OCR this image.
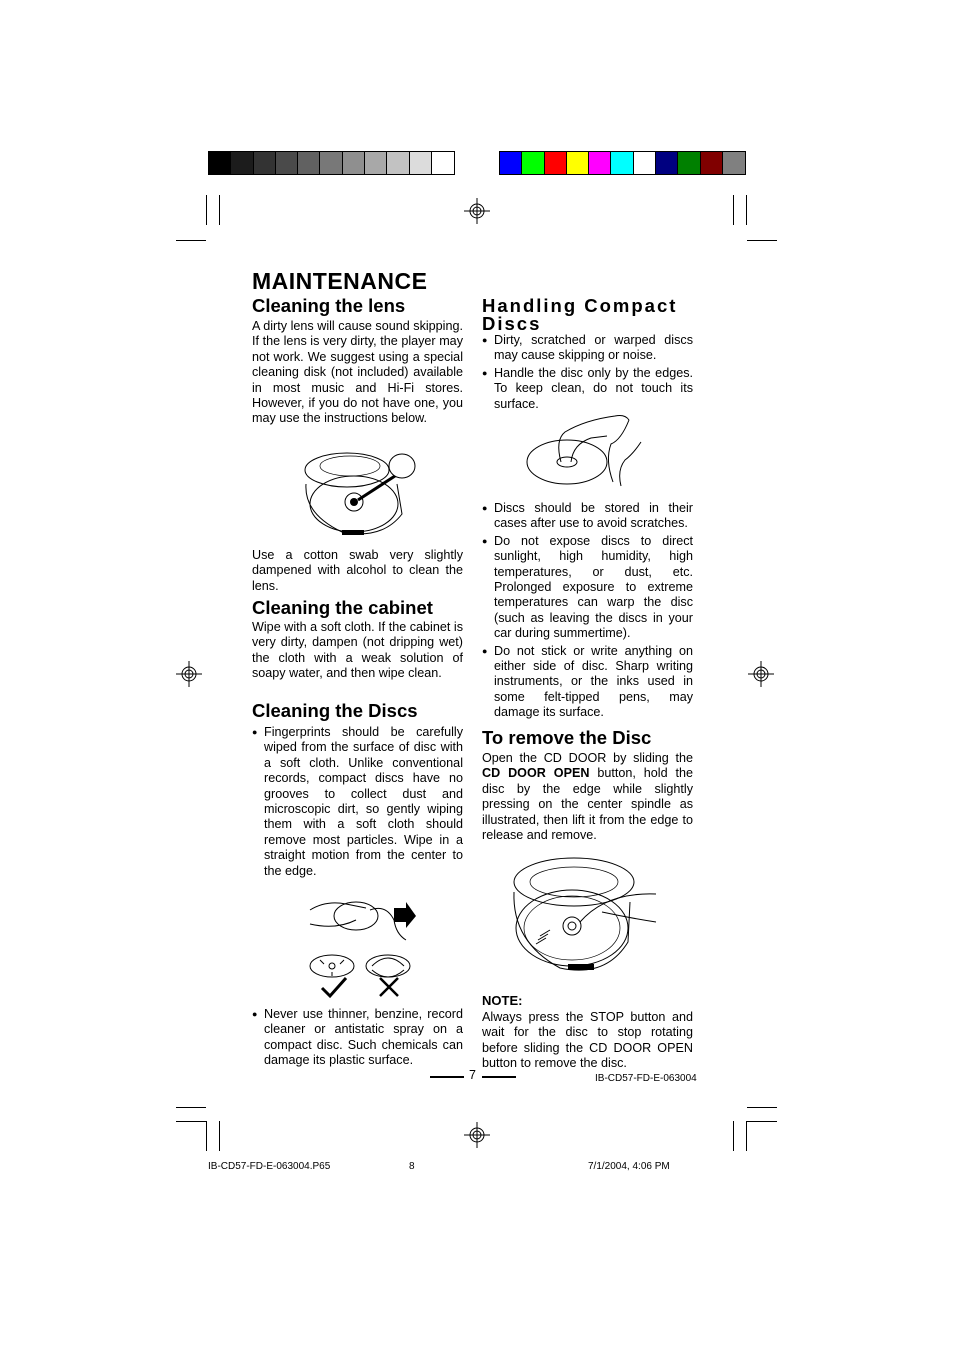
MAINTENANCE
Cleaning the lens

A dirty lens will cause sound skipping. If the lens is very dirty, the player may not work. We suggest using a special cleaning disk (not included) available in most music and Hi-Fi stores. However, if you do not have one, you may use the instructions below.

Use a cotton swab very slightly dampened with alcohol to clean the lens.

Cleaning the cabinet

Wipe with a soft cloth. If the cabinet is very dirty, dampen (not dripping wet) the cloth with a weak solution of soapy water, and then wipe clean.

Cleaning the Discs

● Fingerprints should be carefully wiped from the surface of disc with a soft cloth. Unlike conventional records, compact discs have no grooves to collect dust and microscopic dirt, so gently wiping them with a soft cloth should remove most particles. Wipe in a straight motion from the center to the edge.

● Never use thinner, benzine, record cleaner or antistatic spray on a compact disc. Such chemicals can damage its plastic surface.

Handling Compact Discs

● Dirty, scratched or warped discs may cause skipping or noise.

● Handle the disc only by the edges. To keep clean, do not touch its surface.

● Discs should be stored in their cases after use to avoid scratches.

● Do not expose discs to direct sunlight, high humidity, high temperatures, or dust, etc. Prolonged exposure to extreme temperatures can warp the disc (such as leaving the discs in your car during summertime).

● Do not stick or write anything on either side of disc. Sharp writing instruments, or the inks used in some felt-tipped pens, may damage its surface.

To remove the Disc

Open the CD DOOR by sliding the CD DOOR OPEN button, hold the disc by the edge while slightly pressing on the center spindle as illustrated, then lift it from the edge to release and remove.

NOTE:

Always press the STOP button and wait for the disc to stop rotating before sliding the CD DOOR OPEN button to remove the disc.

7	IB-CD57-FD-E-063004
IB-CD57-FD-E-063004.P65	8	7/1/2004, 4:06 PM
